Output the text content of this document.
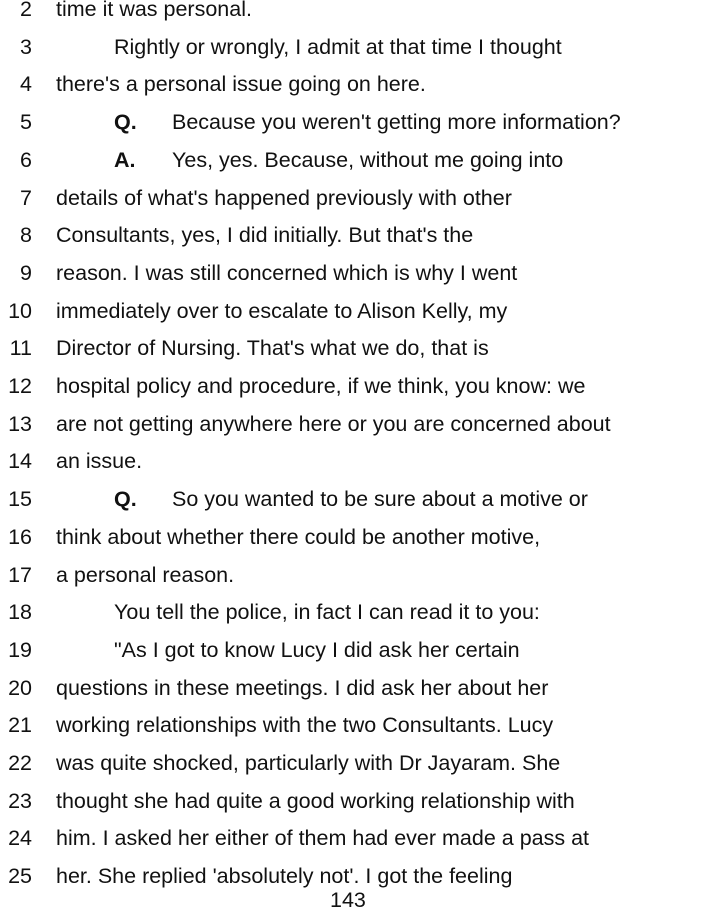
2 time it was personal.
3	Rightly or wrongly, I admit at that time I thought
4 there's a personal issue going on here.
5	Q. Because you weren't getting more information?
6	A. Yes, yes. Because, without me going into
7 details of what's happened previously with other
8 Consultants, yes, I did initially. But that's the
9 reason. I was still concerned which is why I went
10 immediately over to escalate to Alison Kelly, my
11 Director of Nursing. That's what we do, that is
12 hospital policy and procedure, if we think, you know: we
13 are not getting anywhere here or you are concerned about
14 an issue.
15	Q. So you wanted to be sure about a motive or
16 think about whether there could be another motive,
17 a personal reason.
18	You tell the police, in fact I can read it to you:
19	"As I got to know Lucy I did ask her certain
20 questions in these meetings. I did ask her about her
21 working relationships with the two Consultants. Lucy
22 was quite shocked, particularly with Dr Jayaram. She
23 thought she had quite a good working relationship with
24 him. I asked her either of them had ever made a pass at
25 her. She replied 'absolutely not'. I got the feeling
143
